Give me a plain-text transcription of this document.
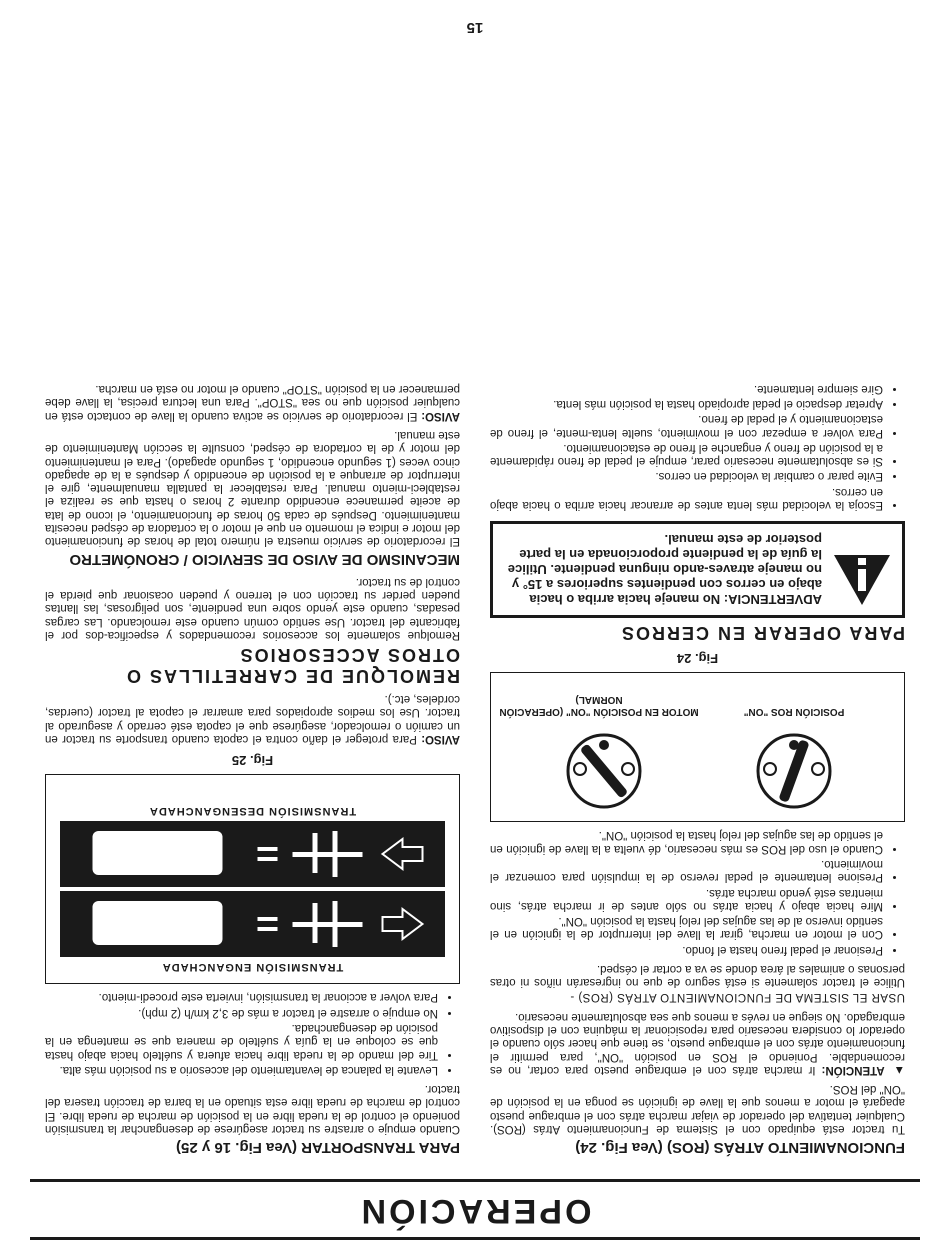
OPERACIÓN
FUNCIONAMIENTO ATRÁS (ROS) (Vea Fig. 24)

Tu tractor está equipado con el Sistema de Funcionamiento Atrás (ROS). Cualquier tentativa del operador de viajar marcha atrás con el embrague puesto apagará el motor a menos que la llave de ignición se ponga en la posición de "ON" del ROS.

▲ ATENCIÓN: Ir marcha atrás con el embrague puesto para cortar, no es recomendable. Poniendo el ROS en posición "ON", para permitir el funcionamiento atrás con el embrague puesto, se tiene que hacer sólo cuando el operador lo considera necesario para reposicionar la máquina con el dispositivo embragado. No siegue en revés a menos que sea absolutamente necesario.

USAR EL SISTEMA DE FUNCIONAMIENTO ATRÁS (ROS) -

Utilice el tractor solamente si está seguro de que no ingresarán niños ni otras personas o animales al área donde se va a cortar el césped.

• Presionar el pedal freno hasta el fondo.
• Con el motor en marcha, girar la llave del interruptor de la ignición en el sentido inverso al de las agujas del reloj hasta la posición "ON".
• Mire hacia abajo y hacia atrás no sólo antes de ir marcha atrás, sino mientras esté yendo marcha atrás.
• Presione lentamente el pedal reverso de la impulsión para comenzar el movimiento.
• Cuando el uso del ROS es más necesario, dé vuelta a la llave de ignición en el sentido de las agujas del reloj hasta la posición "ON".
POSICIÓN ROS "ON"
MOTOR EN POSICIÓN "ON" (OPERACIÓN NORMAL)
Fig. 24
PARA OPERAR EN CERROS
ADVERTENCIA: No maneje hacia arriba o hacia abajo en cerros con pendientes superiores a 15° y no maneje atraves-ando ninguna pendiente. Utilice la guía de la pendiente proporcionada en la parte posterior de este manual.
• Escoja la velocidad más lenta antes de arrancar hacia arriba o hacia abajo en cerros.
• Evite parar o cambiar la velocidad en cerros.
• Si es absolutamente necesario parar, empuje el pedal de freno rápidamente a la posición de freno y enganche el freno de estacionamiento.
• Para volver a empezar con el movimiento, suelte lenta-mente, el freno de estacionamiento y el pedal de freno.
• Apretar despacio el pedal apropiado hasta la posición más lenta.
• Gire siempre lentamente.
PARA TRANSPORTAR (Vea Fig. 16 y 25)

Cuando empuje o arrastre su tractor asegúrese de desenganchar la transmisión poniendo el control de la rueda libre en la posición de marcha de rueda libre. El control de marcha de rueda libre esta situado en la barra de tracción trasera del tractor.

• Levante la palanca de levantamiento del accesorio a su posición más alta.
• Tire del mando de la rueda libre hacia afuera y suéltelo hacia abajo hasta que se coloque en la guía y suéltelo de manera que se mantenga en la posición de desenganchada.
• No empuje o arrastre el tractor a más de 3,2 km/h (2 mph).
• Para volver a accionar la transmisión, invierta este procedi-miento.
TRANSMISIÓN ENGANCHADA
TRANSMISIÓN DESENGANCHADA
Fig. 25

AVISO: Para proteger el daño contra el capota cuando transporte su tractor en un camión o remolcador, asegúrese que el capota esté cerrado y asegurado al tractor. Use los medios apropiados para amarrar el capota al tractor (cuerdas, cordeles, etc.).

REMOLQUE DE CARRETILLAS O OTROS ACCESORIOS

Remolque solamente los accesorios recomendados y especifica-dos por el fabricante del tractor. Use sentido común cuando este remolcando. Las cargas pesadas, cuando este yendo sobre una pendiente, son peligrosas, las llantas pueden perder su tracción con el terreno y pueden ocasionar que pierda el control de su tractor.

MECANISMO DE AVISO DE SERVICIO / CRONÓMETRO

El recordatorio de servicio muestra el número total de horas de funcionamiento del motor e indica el momento en que el motor o la cortadora de césped necesita mantenimiento. Después de cada 50 horas de funcionamiento, el icono de lata de aceite permanece encendido durante 2 horas o hasta que se realiza el restableci-miento manual. Para restablecer la pantalla manualmente, gire el interruptor de arranque a la posición de encendido y después a la de apagado cinco veces (1 segundo encendido, 1 segundo apagado). Para el mantenimiento del motor y de la cortadora de césped, consulte la sección Mantenimiento de este manual.

AVISO: El recordatorio de servicio se activa cuando la llave de contacto está en cualquier posición que no sea "STOP". Para una lectura precisa, la llave debe permanecer en la posición "STOP" cuando el motor no está en marcha.

15
